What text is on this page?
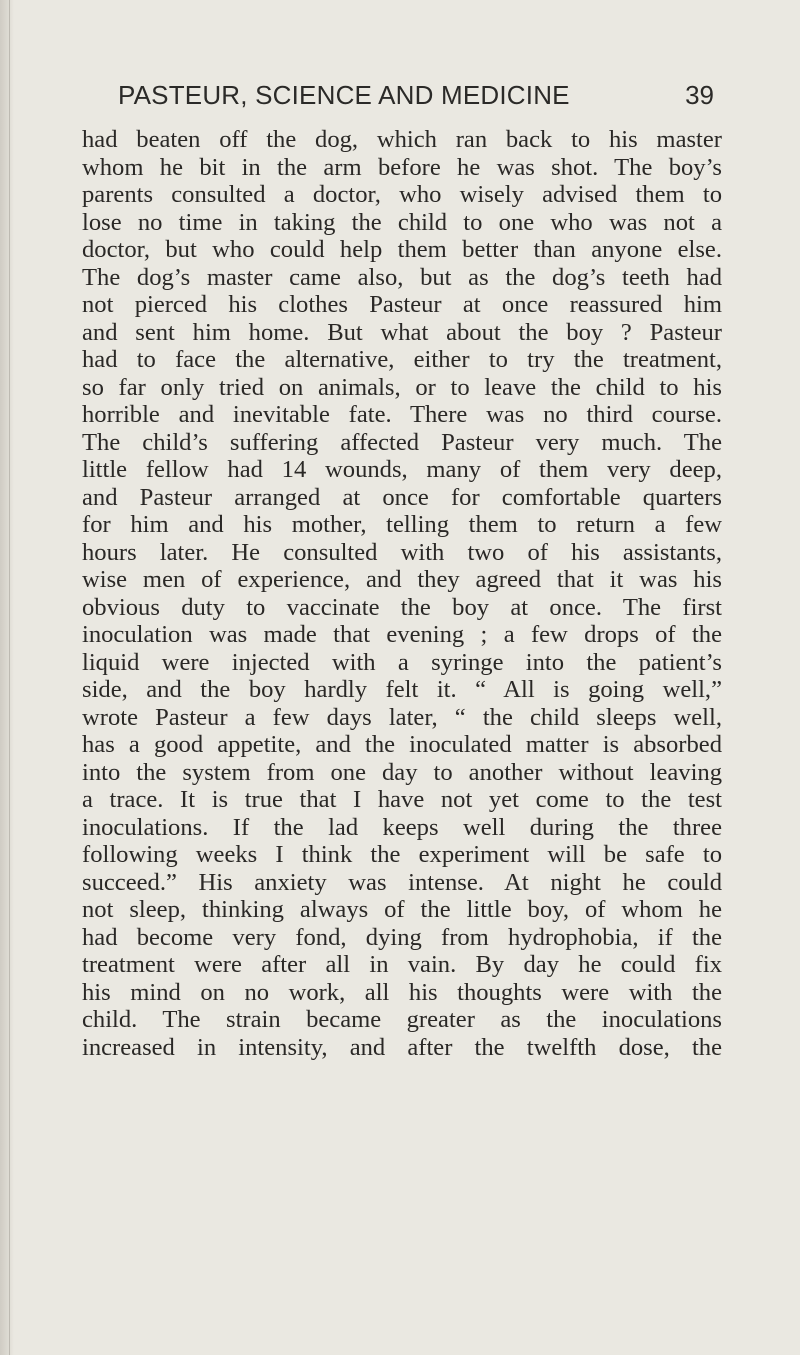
PASTEUR, SCIENCE AND MEDICINE	39
had beaten off the dog, which ran back to his master
whom he bit in the arm before he was shot. The boy’s
parents consulted a doctor, who wisely advised them to
lose no time in taking the child to one who was not a
doctor, but who could help them better than anyone else.
The dog’s master came also, but as the dog’s teeth had
not pierced his clothes Pasteur at once reassured him
and sent him home. But what about the boy ? Pasteur
had to face the alternative, either to try the treatment,
so far only tried on animals, or to leave the child to his
horrible and inevitable fate. There was no third course.
The child’s suffering affected Pasteur very much. The
little fellow had 14 wounds, many of them very deep,
and Pasteur arranged at once for comfortable quarters
for him and his mother, telling them to return a few
hours later. He consulted with two of his assistants,
wise men of experience, and they agreed that it was his
obvious duty to vaccinate the boy at once. The first
inoculation was made that evening ; a few drops of the
liquid were injected with a syringe into the patient’s
side, and the boy hardly felt it. “ All is going well,”
wrote Pasteur a few days later, “ the child sleeps well,
has a good appetite, and the inoculated matter is absorbed
into the system from one day to another without leaving
a trace. It is true that I have not yet come to the test
inoculations. If the lad keeps well during the three
following weeks I think the experiment will be safe to
succeed.” His anxiety was intense. At night he could
not sleep, thinking always of the little boy, of whom he
had become very fond, dying from hydrophobia, if the
treatment were after all in vain. By day he could fix
his mind on no work, all his thoughts were with the
child. The strain became greater as the inoculations
increased in intensity, and after the twelfth dose, the
